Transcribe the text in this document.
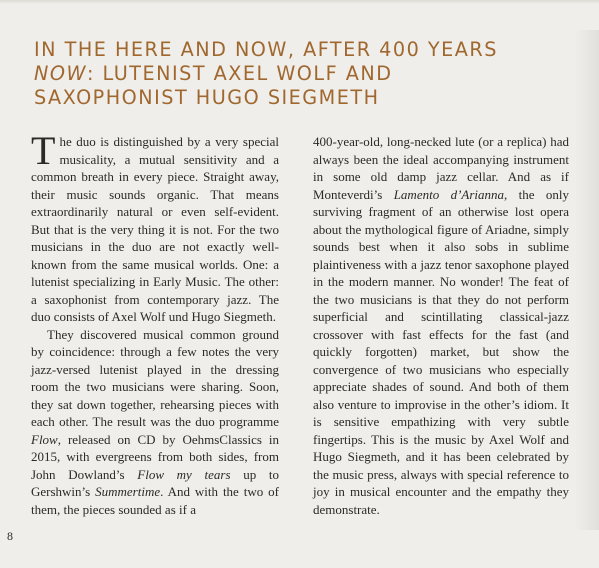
IN THE HERE AND NOW, AFTER 400 YEARS
NOW: LUTENIST AXEL WOLF AND
SAXOPHONIST HUGO SIEGMETH

The duo is distinguished by a very special musicality, a mutual sensitivity and a common breath in every piece. Straight away, their music sounds organic. That means extraordinarily natural or even self-evident. But that is the very thing it is not. For the two musicians in the duo are not exactly well-known from the same musical worlds. One: a lutenist specializing in Early Music. The other: a saxophonist from contemporary jazz. The duo consists of Axel Wolf und Hugo Siegmeth.

They discovered musical common ground by coincidence: through a few notes the very jazz-versed lutenist played in the dressing room the two musicians were sharing. Soon, they sat down together, rehearsing pieces with each other. The result was the duo programme Flow, released on CD by OehmsClassics in 2015, with evergreens from both sides, from John Dowland’s Flow my tears up to Gershwin’s Summertime. And with the two of them, the pieces sounded as if a

400-year-old, long-necked lute (or a replica) had always been the ideal accompanying instrument in some old damp jazz cellar. And as if Monteverdi’s Lamento d’Arianna, the only surviving fragment of an otherwise lost opera about the mythological figure of Ariadne, simply sounds best when it also sobs in sublime plaintiveness with a jazz tenor saxophone played in the modern manner. No wonder! The feat of the two musicians is that they do not perform superficial and scintillating classical-jazz crossover with fast effects for the fast (and quickly forgotten) market, but show the convergence of two musicians who especially appreciate shades of sound. And both of them also venture to improvise in the other’s idiom. It is sensitive empathizing with very subtle fingertips. This is the music by Axel Wolf and Hugo Siegmeth, and it has been celebrated by the music press, always with special reference to joy in musical encounter and the empathy they demonstrate.

8
